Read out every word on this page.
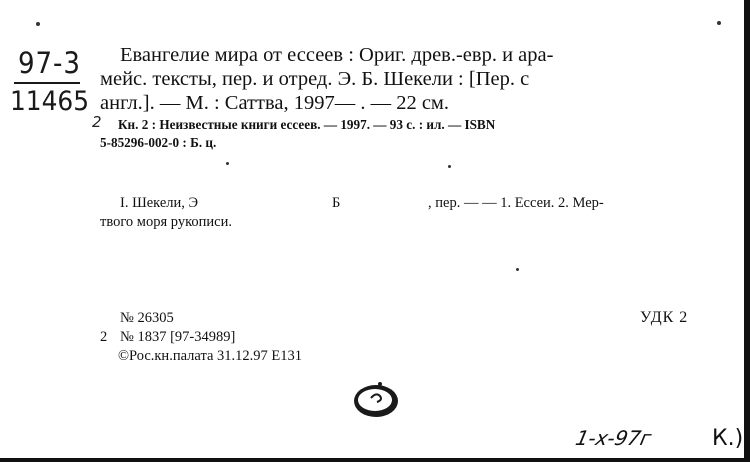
97-3
11465
Евангелие мира от ессеев : Ориг. древ.-евр. и ара-
мейс. тексты, пер. и отред. Э. Б. Шекели : [Пер. с
англ.]. — М. : Саттва, 1997— . — 22 см.
2 Кн. 2 : Неизвестные книги ессеев. — 1997. — 93 с. : ил. — ISBN
5-85296-002-0 : Б. ц.
I. Шекели, Э	Б	, пер. — — 1. Ессеи. 2. Мер-
твого моря рукописи.
№ 26305	УДК 2
2 № 1837 [97-34989]
©Рос.кн.палата 31.12.97 Е131
1-х-97г	К.)
